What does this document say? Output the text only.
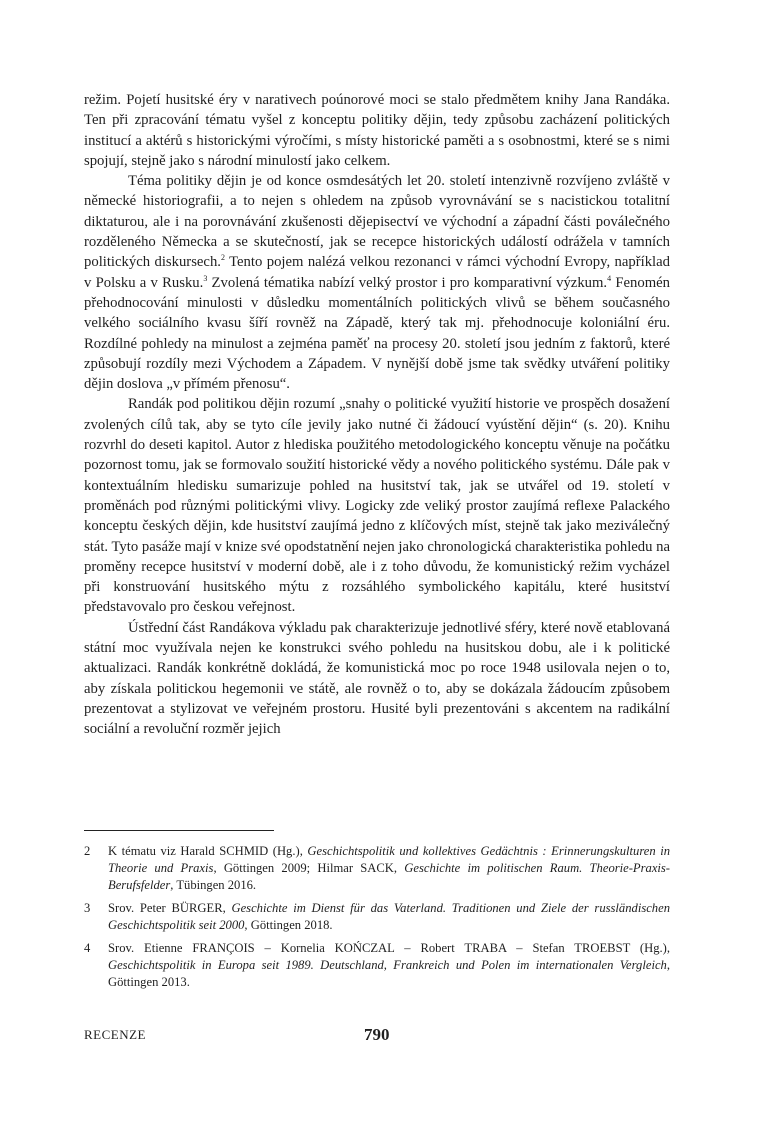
režim. Pojetí husitské éry v narativech poúnorové moci se stalo předmětem knihy Jana Randáka. Ten při zpracování tématu vyšel z konceptu politiky dějin, tedy způsobu zacházení politických institucí a aktérů s historickými výročími, s místy historické paměti a s osobnostmi, které se s nimi spojují, stejně jako s národní minulostí jako celkem.

Téma politiky dějin je od konce osmdesátých let 20. století intenzivně rozvíjeno zvláště v německé historiografii, a to nejen s ohledem na způsob vyrovnávání se s nacistickou totalitní diktaturou, ale i na porovnávání zkušenosti dějepisectví ve východní a západní části poválečného rozděleného Německa a se skutečností, jak se recepce historických událostí odrážela v tamních politických diskursech.$^2$ Tento pojem nalézá velkou rezonanci v rámci východní Evropy, například v Polsku a v Rusku.$^3$ Zvolená tématika nabízí velký prostor i pro komparativní výzkum.$^4$ Fenomén přehodnocování minulosti v důsledku momentálních politických vlivů se během současného velkého sociálního kvasu šíří rovněž na Západě, který tak mj. přehodnocuje koloniální éru. Rozdílné pohledy na minulost a zejména paměť na procesy 20. století jsou jedním z faktorů, které způsobují rozdíly mezi Východem a Západem. V nynější době jsme tak svědky utváření politiky dějin doslova „v přímém přenosu“.

Randák pod politikou dějin rozumí „snahy o politické využití historie ve prospěch dosažení zvolených cílů tak, aby se tyto cíle jevily jako nutné či žádoucí vyústění dějin“ (s. 20). Knihu rozvrhl do deseti kapitol. Autor z hlediska použitého metodologického konceptu věnuje na počátku pozornost tomu, jak se formovalo soužití historické vědy a nového politického systému. Dále pak v kontextuálním hledisku sumarizuje pohled na husitství tak, jak se utvářel od 19. století v proměnách pod různými politickými vlivy. Logicky zde veliký prostor zaujímá reflexe Palackého konceptu českých dějin, kde husitství zaujímá jedno z klíčových míst, stejně tak jako meziválečný stát. Tyto pasáže mají v knize své opodstatnění nejen jako chronologická charakteristika pohledu na proměny recepce husitství v moderní době, ale i z toho důvodu, že komunistický režim vycházel při konstruování husitského mýtu z rozsáhlého symbolického kapitálu, které husitství představovalo pro českou veřejnost.

Ústřední část Randákova výkladu pak charakterizuje jednotlivé sféry, které nově etablovaná státní moc využívala nejen ke konstrukci svého pohledu na husitskou dobu, ale i k politické aktualizaci. Randák konkrétně dokládá, že komunistická moc po roce 1948 usilovala nejen o to, aby získala politickou hegemonii ve státě, ale rovněž o to, aby se dokázala žádoucím způsobem prezentovat a stylizovat ve veřejném prostoru. Husité byli prezentováni s akcentem na radikální sociální a revoluční rozměr jejich

2	K tématu viz Harald SCHMID (Hg.), Geschichtspolitik und kollektives Gedächtnis : Erinnerungskulturen in Theorie und Praxis, Göttingen 2009; Hilmar SACK, Geschichte im politischen Raum. Theorie-Praxis-Berufsfelder, Tübingen 2016.
3	Srov. Peter BÜRGER, Geschichte im Dienst für das Vaterland. Traditionen und Ziele der russländischen Geschichtspolitik seit 2000, Göttingen 2018.
4	Srov. Etienne FRANÇOIS – Kornelia KOŃCZAL – Robert TRABA – Stefan TROEBST (Hg.), Geschichtspolitik in Europa seit 1989. Deutschland, Frankreich und Polen im internationalen Vergleich, Göttingen 2013.
RECENZE	790
